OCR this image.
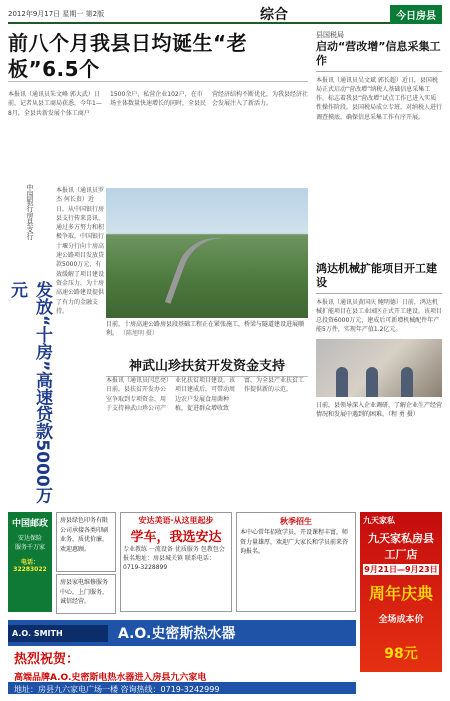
2012年9月17日 星期一 第2版	综合	今日房县
前八个月我县日均诞生“老板”6.5个
本报讯（通讯员朱文峰 郭大武）日前，记者从县工商局获悉，今年1—8月，全县共新发展个体工商户1500余户，私营企业102户，在市场主体数量快速增长的同时，全县民营经济结构不断优化，为我县经济社会发展注入了新活力。
县国税局
启动“营改增”信息采集工作
本报讯（通讯员吴文斌 郭长超）近日，县国税局正式启动“营改增”纳税人基础信息采集工作，标志着我县“营改增”试点工作已进入实质性操作阶段。县国税局成立专班，对纳税人进行调查摸底，确保信息采集工作有序开展。
中国银行房县支行
发放“十房”高速贷款5000万元
本报讯（通讯员罗杰 何长贵）近日，从中国银行房县支行传来喜讯，通过多方努力和积极争取，中国银行十堰分行向十房高速公路项目发放贷款5000万元，有效缓解了项目建设资金压力，为十房高速公路建设提供了有力的金融支持。
目前，十房高速公路房县段基础工程正在紧张施工，桥梁与隧道建设进展顺利。 （陈旭明 摄）
神武山珍扶贫开发资金支持
本报讯（通讯员闫忠亮）日前，县扶贫开发办公室争取到专项资金，用于支持神武山珍公司产业化扶贫项目建设。该项目建成后，可带动周边农户发展食用菌种植，促进群众增收致富，为全县产业扶贫工作提供新的示范。
鸿达机械扩能项目开工建设
本报讯（通讯员黄国庆 鲍明德）日前，鸿达机械扩能项目在县工业园区正式开工建设。该项目总投资6000万元，建成后可新增机械配件年产能5万件，实现年产值1.2亿元。
日前，县领导深入企业调研，了解企业生产经营情况和发展中遇到的困难。（程 勇 摄）
中国邮政
安达保险
服务千万家
电话：32283022
房县绿色印务有限公司承接各类印刷业务，质优价廉，欢迎惠顾。
房县家电维修服务中心，上门服务，诚信经营。
安达美语·从这里起步
学车，我选安达
专业教练 一流设备 优质服务 包教包会 报名地址：房县城关镇 联系电话：0719-3228899
秋季招生
本中心常年招收学员，开设课程丰富，师资力量雄厚，欢迎广大家长和学员前来咨询报名。
九天家私
九天家私房县工厂店
9月21日—9月23日
周年庆典
全场成本价
98元
A.O. SMITH	A.O.史密斯热水器
热烈祝贺：
高端品牌A.O.史密斯电热水器进入房县九六家电
地址：房县九六家电广场一楼 咨询热线：0719-3242999
